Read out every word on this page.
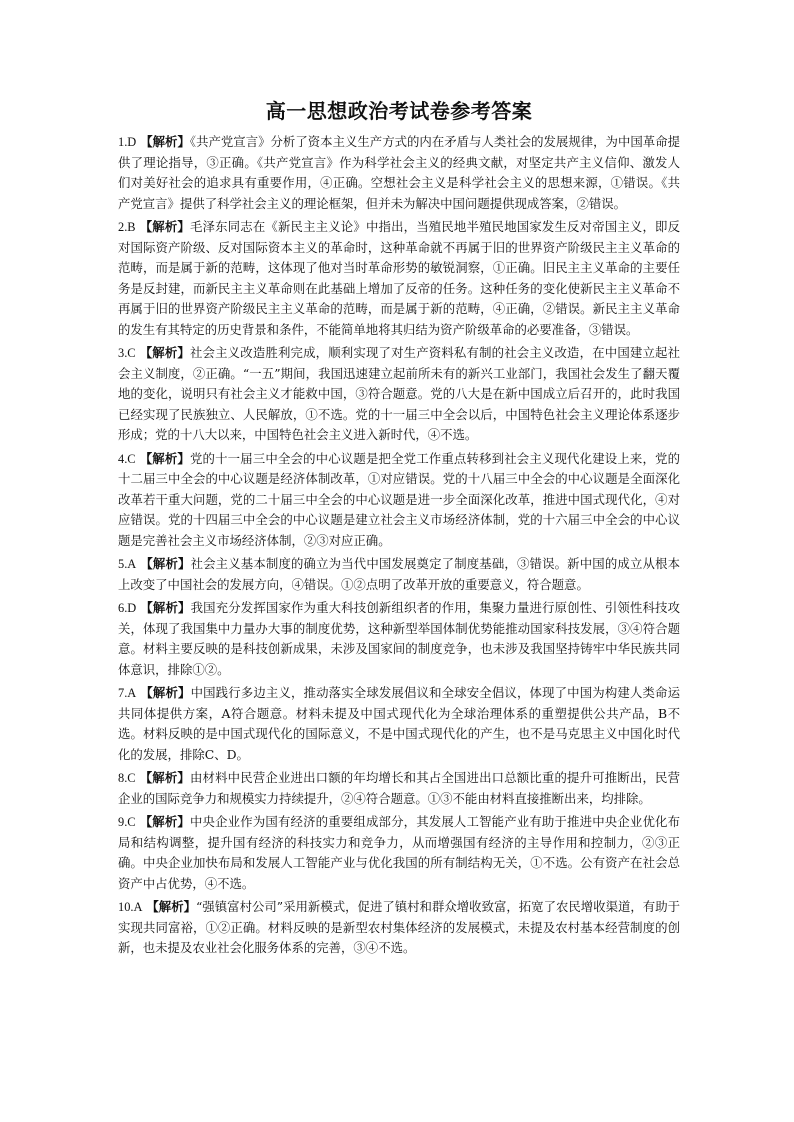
高一思想政治考试卷参考答案
1.D 【解析】《共产党宣言》分析了资本主义生产方式的内在矛盾与人类社会的发展规律，为中国革命提供了理论指导，③正确。《共产党宣言》作为科学社会主义的经典文献，对坚定共产主义信仰、激发人们对美好社会的追求具有重要作用，④正确。空想社会主义是科学社会主义的思想来源，①错误。《共产党宣言》提供了科学社会主义的理论框架，但并未为解决中国问题提供现成答案，②错误。
2.B 【解析】毛泽东同志在《新民主主义论》中指出，当殖民地半殖民地国家发生反对帝国主义，即反对国际资产阶级、反对国际资本主义的革命时，这种革命就不再属于旧的世界资产阶级民主主义革命的范畴，而是属于新的范畴，这体现了他对当时革命形势的敏锐洞察，①正确。旧民主主义革命的主要任务是反封建，而新民主主义革命则在此基础上增加了反帝的任务。这种任务的变化使新民主主义革命不再属于旧的世界资产阶级民主主义革命的范畴，而是属于新的范畴，④正确，②错误。新民主主义革命的发生有其特定的历史背景和条件，不能简单地将其归结为资产阶级革命的必要准备，③错误。
3.C 【解析】社会主义改造胜利完成，顺利实现了对生产资料私有制的社会主义改造，在中国建立起社会主义制度，②正确。“一五”期间，我国迅速建立起前所未有的新兴工业部门，我国社会发生了翻天覆地的变化，说明只有社会主义才能救中国，③符合题意。党的八大是在新中国成立后召开的，此时我国已经实现了民族独立、人民解放，①不选。党的十一届三中全会以后，中国特色社会主义理论体系逐步形成；党的十八大以来，中国特色社会主义进入新时代，④不选。
4.C 【解析】党的十一届三中全会的中心议题是把全党工作重点转移到社会主义现代化建设上来，党的十二届三中全会的中心议题是经济体制改革，①对应错误。党的十八届三中全会的中心议题是全面深化改革若干重大问题，党的二十届三中全会的中心议题是进一步全面深化改革，推进中国式现代化，④对应错误。党的十四届三中全会的中心议题是建立社会主义市场经济体制，党的十六届三中全会的中心议题是完善社会主义市场经济体制，②③对应正确。
5.A 【解析】社会主义基本制度的确立为当代中国发展奠定了制度基础，③错误。新中国的成立从根本上改变了中国社会的发展方向，④错误。①②点明了改革开放的重要意义，符合题意。
6.D 【解析】我国充分发挥国家作为重大科技创新组织者的作用，集聚力量进行原创性、引领性科技攻关，体现了我国集中力量办大事的制度优势，这种新型举国体制优势能推动国家科技发展，③④符合题意。材料主要反映的是科技创新成果，未涉及国家间的制度竞争，也未涉及我国坚持铸牢中华民族共同体意识，排除①②。
7.A 【解析】中国践行多边主义，推动落实全球发展倡议和全球安全倡议，体现了中国为构建人类命运共同体提供方案，A符合题意。材料未提及中国式现代化为全球治理体系的重塑提供公共产品，B不选。材料反映的是中国式现代化的国际意义，不是中国式现代化的产生，也不是马克思主义中国化时代化的发展，排除C、D。
8.C 【解析】由材料中民营企业进出口额的年均增长和其占全国进出口总额比重的提升可推断出，民营企业的国际竞争力和规模实力持续提升，②④符合题意。①③不能由材料直接推断出来，均排除。
9.C 【解析】中央企业作为国有经济的重要组成部分，其发展人工智能产业有助于推进中央企业优化布局和结构调整，提升国有经济的科技实力和竞争力，从而增强国有经济的主导作用和控制力，②③正确。中央企业加快布局和发展人工智能产业与优化我国的所有制结构无关，①不选。公有资产在社会总资产中占优势，④不选。
10.A 【解析】“强镇富村公司”采用新模式，促进了镇村和群众增收致富，拓宽了农民增收渠道，有助于实现共同富裕，①②正确。材料反映的是新型农村集体经济的发展模式，未提及农村基本经营制度的创新，也未提及农业社会化服务体系的完善，③④不选。
